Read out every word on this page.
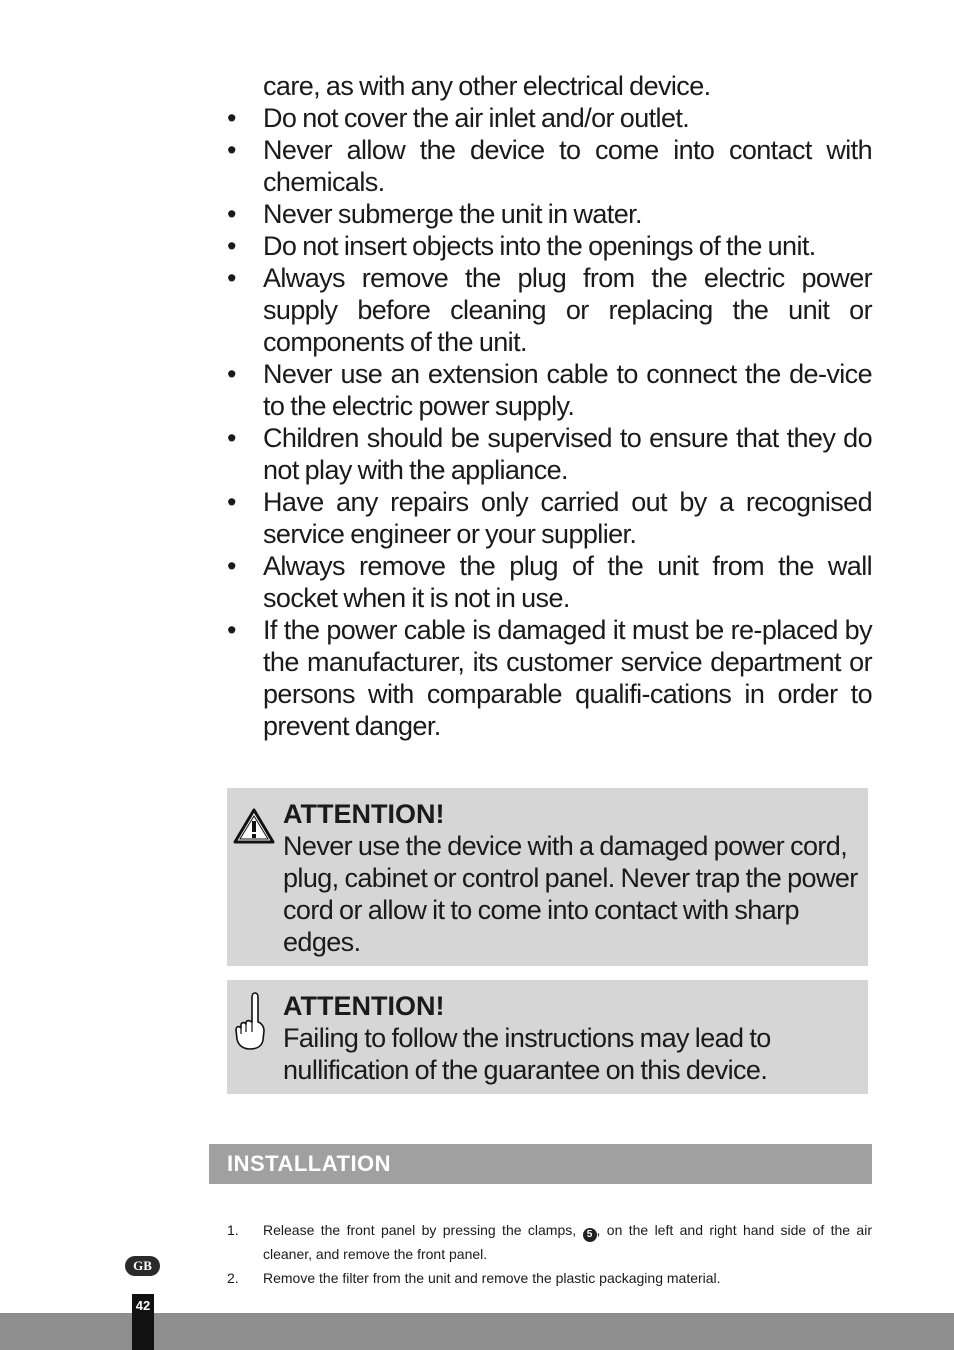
care, as with any other electrical device.

•	Do not cover the air inlet and/or outlet.
•	Never allow the device to come into contact with chemicals.
•	Never submerge the unit in water.
•	Do not insert objects into the openings of the unit.
•	Always remove the plug from the electric power supply before cleaning or replacing the unit or components of the unit.
•	Never use an extension cable to connect the de-vice to the electric power supply.
•	Children should be supervised to ensure that they do not play with the appliance.
•	Have any repairs only carried out by a recognised service engineer or your supplier.
•	Always remove the plug of the unit from the wall socket when it is not in use.
•	If the power cable is damaged it must be re-placed by the manufacturer, its customer service department or persons with comparable qualifi-cations in order to prevent danger.
ATTENTION!
Never use the device with a damaged power cord, plug, cabinet or control panel. Never trap the power cord or allow it to come into contact with sharp edges.
ATTENTION!
Failing to follow the instructions may lead to nullification of the guarantee on this device.
INSTALLATION
1. Release the front panel by pressing the clamps, 5 , on the left and right hand side of the air cleaner, and remove the front panel.
2. Remove the filter from the unit and remove the plastic packaging material.
GB
42
